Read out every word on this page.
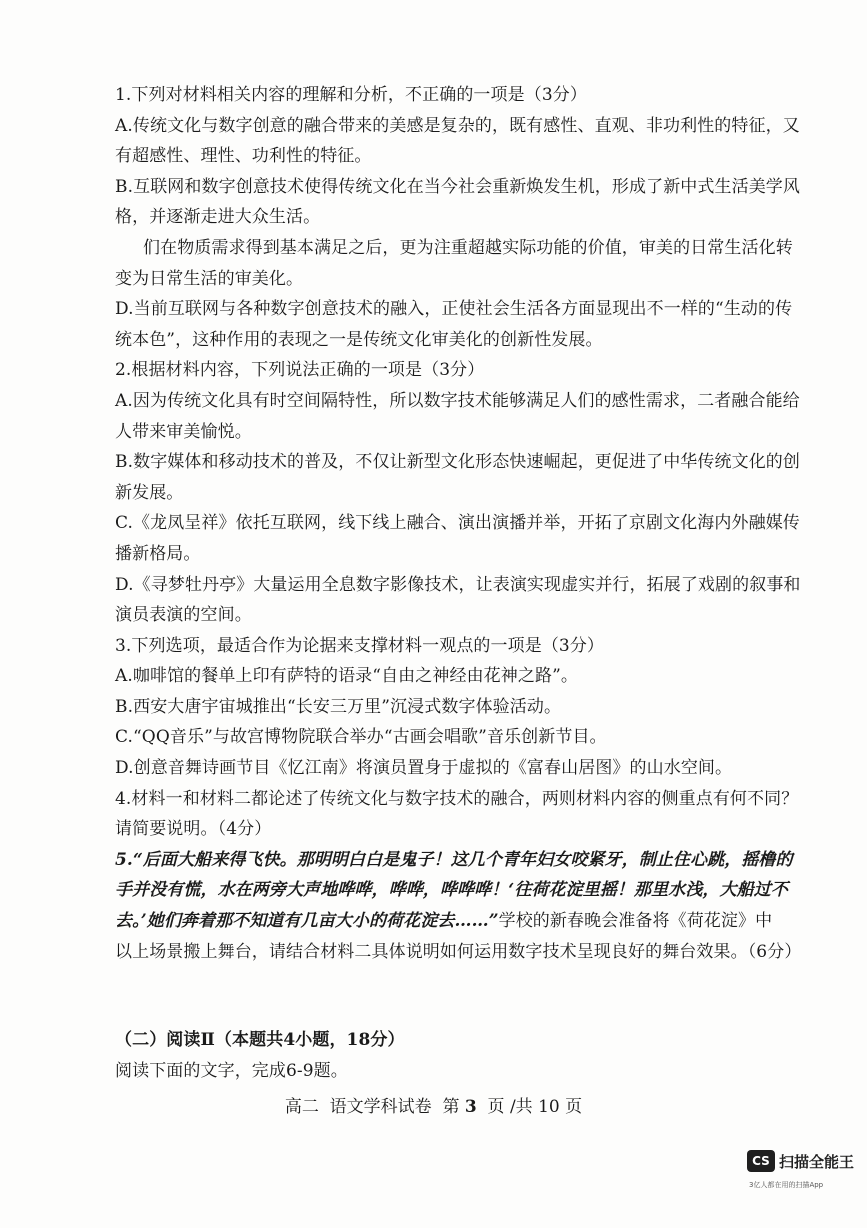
1.下列对材料相关内容的理解和分析，不正确的一项是（3分）
A.传统文化与数字创意的融合带来的美感是复杂的，既有感性、直观、非功利性的特征，又
有超感性、理性、功利性的特征。
B.互联网和数字创意技术使得传统文化在当今社会重新焕发生机，形成了新中式生活美学风
格，并逐渐走进大众生活。
们在物质需求得到基本满足之后，更为注重超越实际功能的价值，审美的日常生活化转
变为日常生活的审美化。
D.当前互联网与各种数字创意技术的融入，正使社会生活各方面显现出不一样的“生动的传
统本色”，这种作用的表现之一是传统文化审美化的创新性发展。
2.根据材料内容，下列说法正确的一项是（3分）
A.因为传统文化具有时空间隔特性，所以数字技术能够满足人们的感性需求，二者融合能给
人带来审美愉悦。
B.数字媒体和移动技术的普及，不仅让新型文化形态快速崛起，更促进了中华传统文化的创
新发展。
C.《龙凤呈祥》依托互联网，线下线上融合、演出演播并举，开拓了京剧文化海内外融媒传
播新格局。
D.《寻梦牡丹亭》大量运用全息数字影像技术，让表演实现虚实并行，拓展了戏剧的叙事和
演员表演的空间。
3.下列选项，最适合作为论据来支撑材料一观点的一项是（3分）
A.咖啡馆的餐单上印有萨特的语录“自由之神经由花神之路”。
B.西安大唐宇宙城推出“长安三万里”沉浸式数字体验活动。
C.“QQ音乐”与故宫博物院联合举办“古画会唱歌”音乐创新节目。
D.创意音舞诗画节目《忆江南》将演员置身于虚拟的《富春山居图》的山水空间。
4.材料一和材料二都论述了传统文化与数字技术的融合，两则材料内容的侧重点有何不同？
请简要说明。（4分）
5.“后面大船来得飞快。那明明白白是鬼子！这几个青年妇女咬紧牙，制止住心跳，摇橹的
手并没有慌，水在两旁大声地哗哗，哗哗，哗哗哗！‘往荷花淀里摇！那里水浅，大船过不
去。’她们奔着那不知道有几亩大小的荷花淀去……”学校的新春晚会准备将《荷花淀》中
以上场景搬上舞台，请结合材料二具体说明如何运用数字技术呈现良好的舞台效果。（6分）
（二）阅读Ⅱ（本题共4小题，18分）
阅读下面的文字，完成6-9题。
高二  语文学科试卷  第 3 页 /共 10 页
CS 扫描全能王
3亿人都在用的扫描App
